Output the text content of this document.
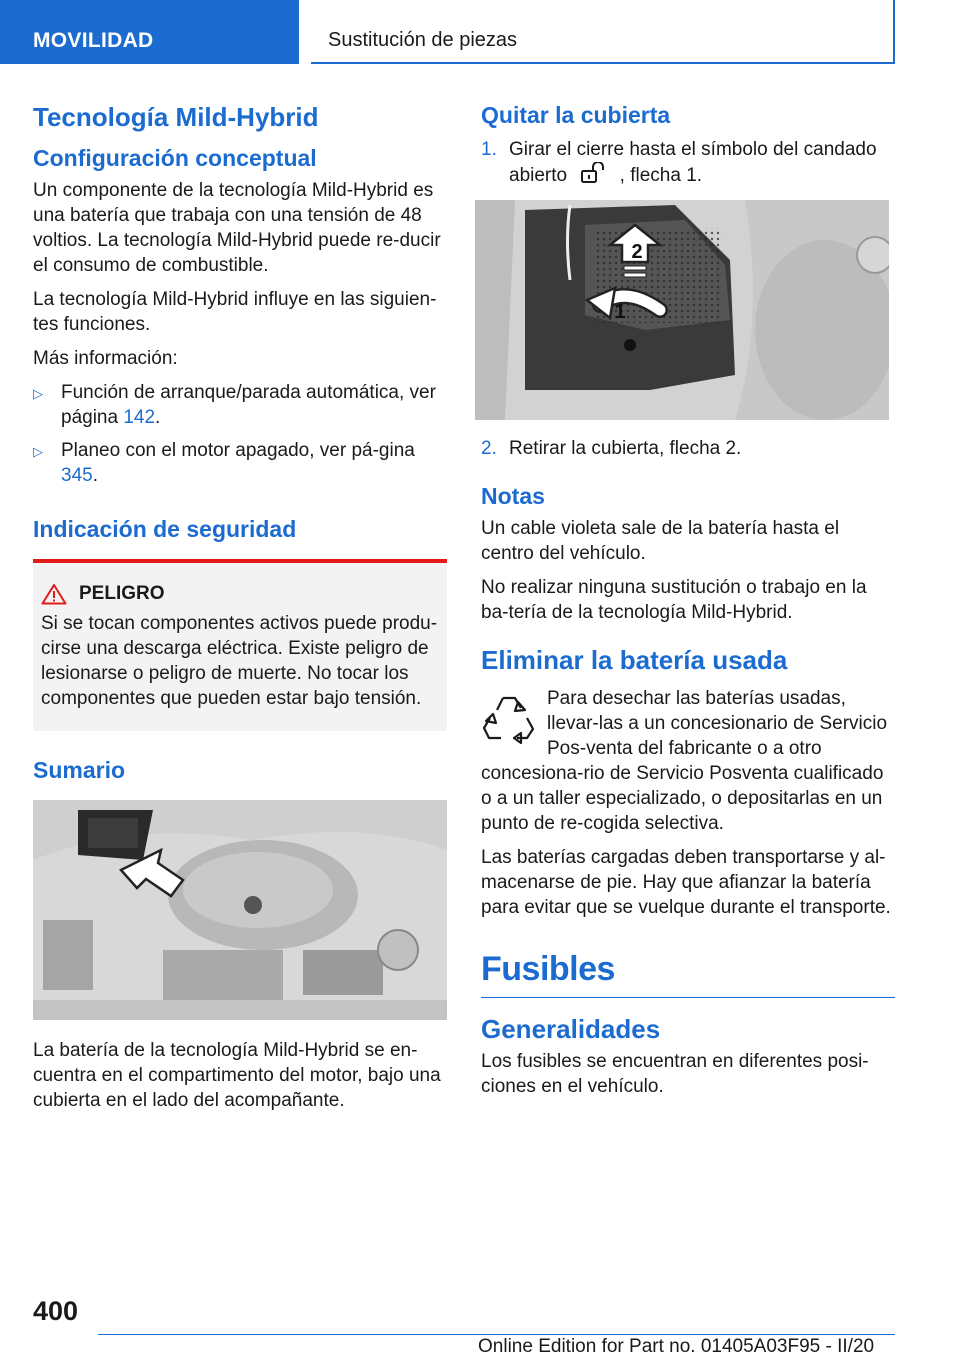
MOVILIDAD	Sustitución de piezas
Tecnología Mild-Hybrid
Configuración conceptual

Un componente de la tecnología Mild-Hybrid es una batería que trabaja con una tensión de 48 voltios. La tecnología Mild-Hybrid puede re‐ducir el consumo de combustible.

La tecnología Mild-Hybrid influye en las siguien‐tes funciones.

Más información:

▷ Función de arranque/parada automática, ver página 142.
▷ Planeo con el motor apagado, ver pá‐gina 345.
Indicación de seguridad
PELIGRO

Si se tocan componentes activos puede produ‐cirse una descarga eléctrica. Existe peligro de lesionarse o peligro de muerte. No tocar los componentes que pueden estar bajo tensión.

Sumario

La batería de la tecnología Mild-Hybrid se en‐cuentra en el compartimento del motor, bajo una cubierta en el lado del acompañante.

Quitar la cubierta
1. Girar el cierre hasta el símbolo del candado abierto	, flecha 1.
2
1
2. Retirar la cubierta, flecha 2.
Notas

Un cable violeta sale de la batería hasta el centro del vehículo.

No realizar ninguna sustitución o trabajo en la ba‐tería de la tecnología Mild-Hybrid.

Eliminar la batería usada

Para desechar las baterías usadas, llevar‐las a un concesionario de Servicio Pos‐venta del fabricante o a otro concesiona‐rio de Servicio Posventa cualificado o a un taller especializado, o depositarlas en un punto de re‐cogida selectiva.

Las baterías cargadas deben transportarse y al‐macenarse de pie. Hay que afianzar la batería para evitar que se vuelque durante el transporte.

Fusibles
Generalidades

Los fusibles se encuentran en diferentes posi‐ciones en el vehículo.

400
Online Edition for Part no. 01405A03F95 - II/20
